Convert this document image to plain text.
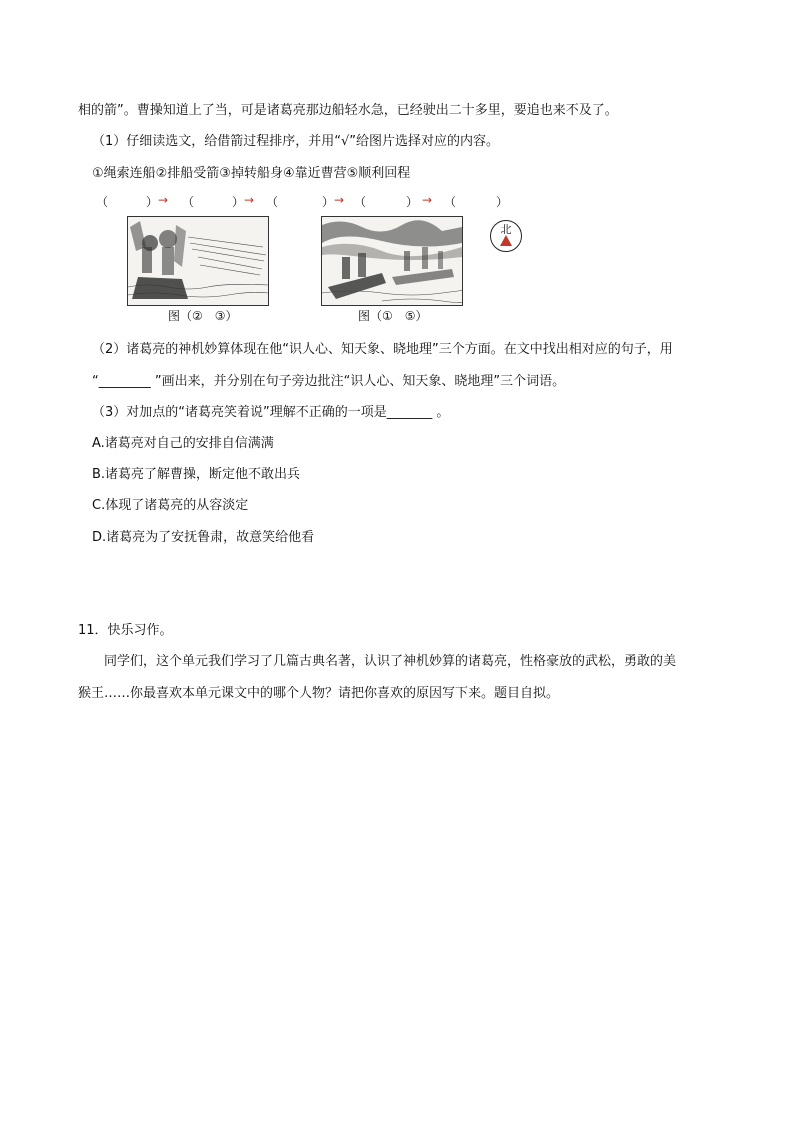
相的箭”。曹操知道上了当，可是诸葛亮那边船轻水急，已经驶出二十多里，要追也来不及了。
（1）仔细读选文，给借箭过程排序，并用“√”给图片选择对应的内容。
①绳索连船②排船受箭③掉转船身④靠近曹营⑤顺利回程
（	） → （	） → （	） → （	） → （	）
图（②　③）	图（①　⑤）
北
（2）诸葛亮的神机妙算体现在他“识人心、知天象、晓地理”三个方面。在文中找出相对应的句子，用
“________ ”画出来，并分别在句子旁边批注“识人心、知天象、晓地理”三个词语。
（3）对加点的“诸葛亮笑着说”理解不正确的一项是_______ 。
A.诸葛亮对自己的安排自信满满
B.诸葛亮了解曹操，断定他不敢出兵
C.体现了诸葛亮的从容淡定
D.诸葛亮为了安抚鲁肃，故意笑给他看
11．快乐习作。
同学们，这个单元我们学习了几篇古典名著，认识了神机妙算的诸葛亮，性格豪放的武松，勇敢的美
猴王……你最喜欢本单元课文中的哪个人物？请把你喜欢的原因写下来。题目自拟。
